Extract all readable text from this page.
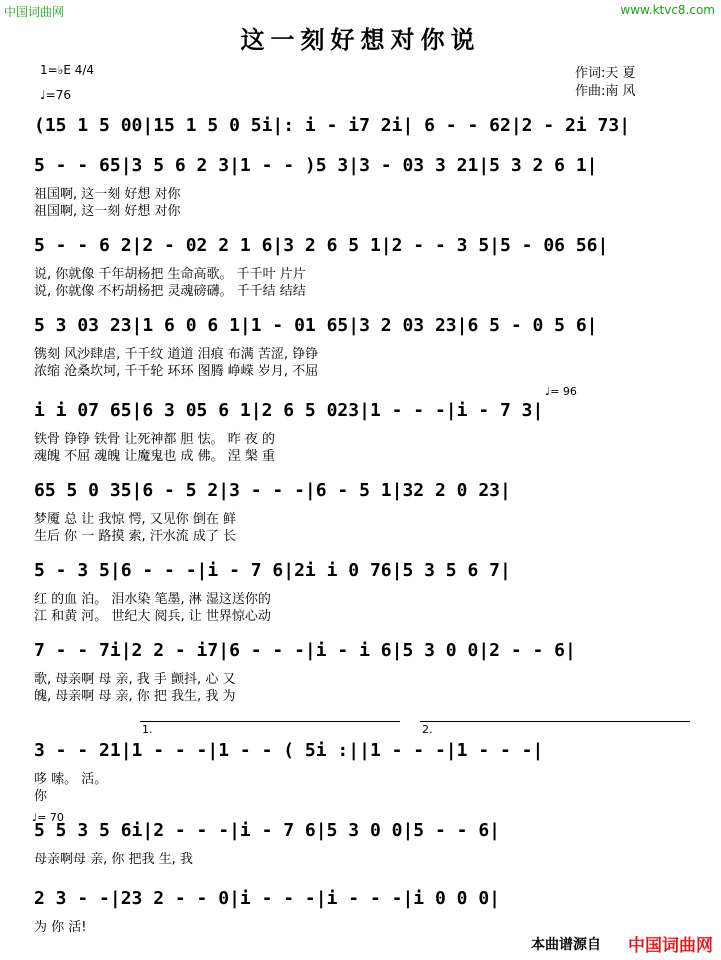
中国词曲网	www.ktvc8.com
这一刻好想对你说
1=♭E 4/4
♩=76
作词:天 夏
作曲:南 风
1.	2.
♩= 96
♩= 70
(15 1 5 00|15 1 5 0 5i|: i - i7 2i| 6 - - 62|2 - 2i 73|
5 - - 65|3 5 6 2 3|1 - - )5 3|3 - 03 3 21|5 3 2 6 1|
祖国啊, 这一刻 好想 对你
祖国啊, 这一刻 好想 对你
5 - - 6 2|2 - 02 2 1 6|3 2 6 5 1|2 - - 3 5|5 - 06 56|
说, 你就像 千年胡杨把 生命高歌。 千千叶 片片
说, 你就像 不朽胡杨把 灵魂磅礴。 千千结 结结
5 3 03 23|1 6 0 6 1|1 - 01 65|3 2 03 23|6 5 - 0 5 6|
镌刻 风沙肆虐, 千千纹 道道 泪痕 布满 苦涩, 铮铮
浓缩 沧桑坎坷, 千千轮 环环 图腾 峥嵘 岁月, 不屈
i i 07 65|6 3 05 6 1|2 6 5 023|1 - - -|i - 7 3|
铁骨 铮铮 铁骨 让死神都 胆 怯。 昨 夜 的
魂魄 不屈 魂魄 让魔鬼也 成 佛。 涅 槃 重
65 5 0 35|6 - 5 2|3 - - -|6 - 5 1|32 2 0 23|
梦魇 总 让 我惊 愕, 又见你 倒在 鲜
生后 你 一 路摸 索, 汗水流 成了 长
5 - 3 5|6 - - -|i - 7 6|2i i 0 76|5 3 5 6 7|
红 的血 泊。 泪水染 笔墨, 淋 湿这送你的
江 和黄 河。 世纪大 阅兵, 让 世界惊心动
7 - - 7i|2 2 - i7|6 - - -|i - i 6|5 3 0 0|2 - - 6|
歌, 母亲啊 母 亲, 我 手 颤抖, 心 又
魄, 母亲啊 母 亲, 你 把 我生, 我 为
3 - - 21|1 - - -|1 - - ( 5i :||1 - - -|1 - - -|
哆 嗦。 活。
你
5 5 3 5 6i|2 - - -|i - 7 6|5 3 0 0|5 - - 6|
母亲啊母 亲, 你 把我 生, 我
2 3 - -|23 2 - - 0|i - - -|i - - -|i 0 0 0|
为 你 活!
本曲谱源自 中国词曲网
